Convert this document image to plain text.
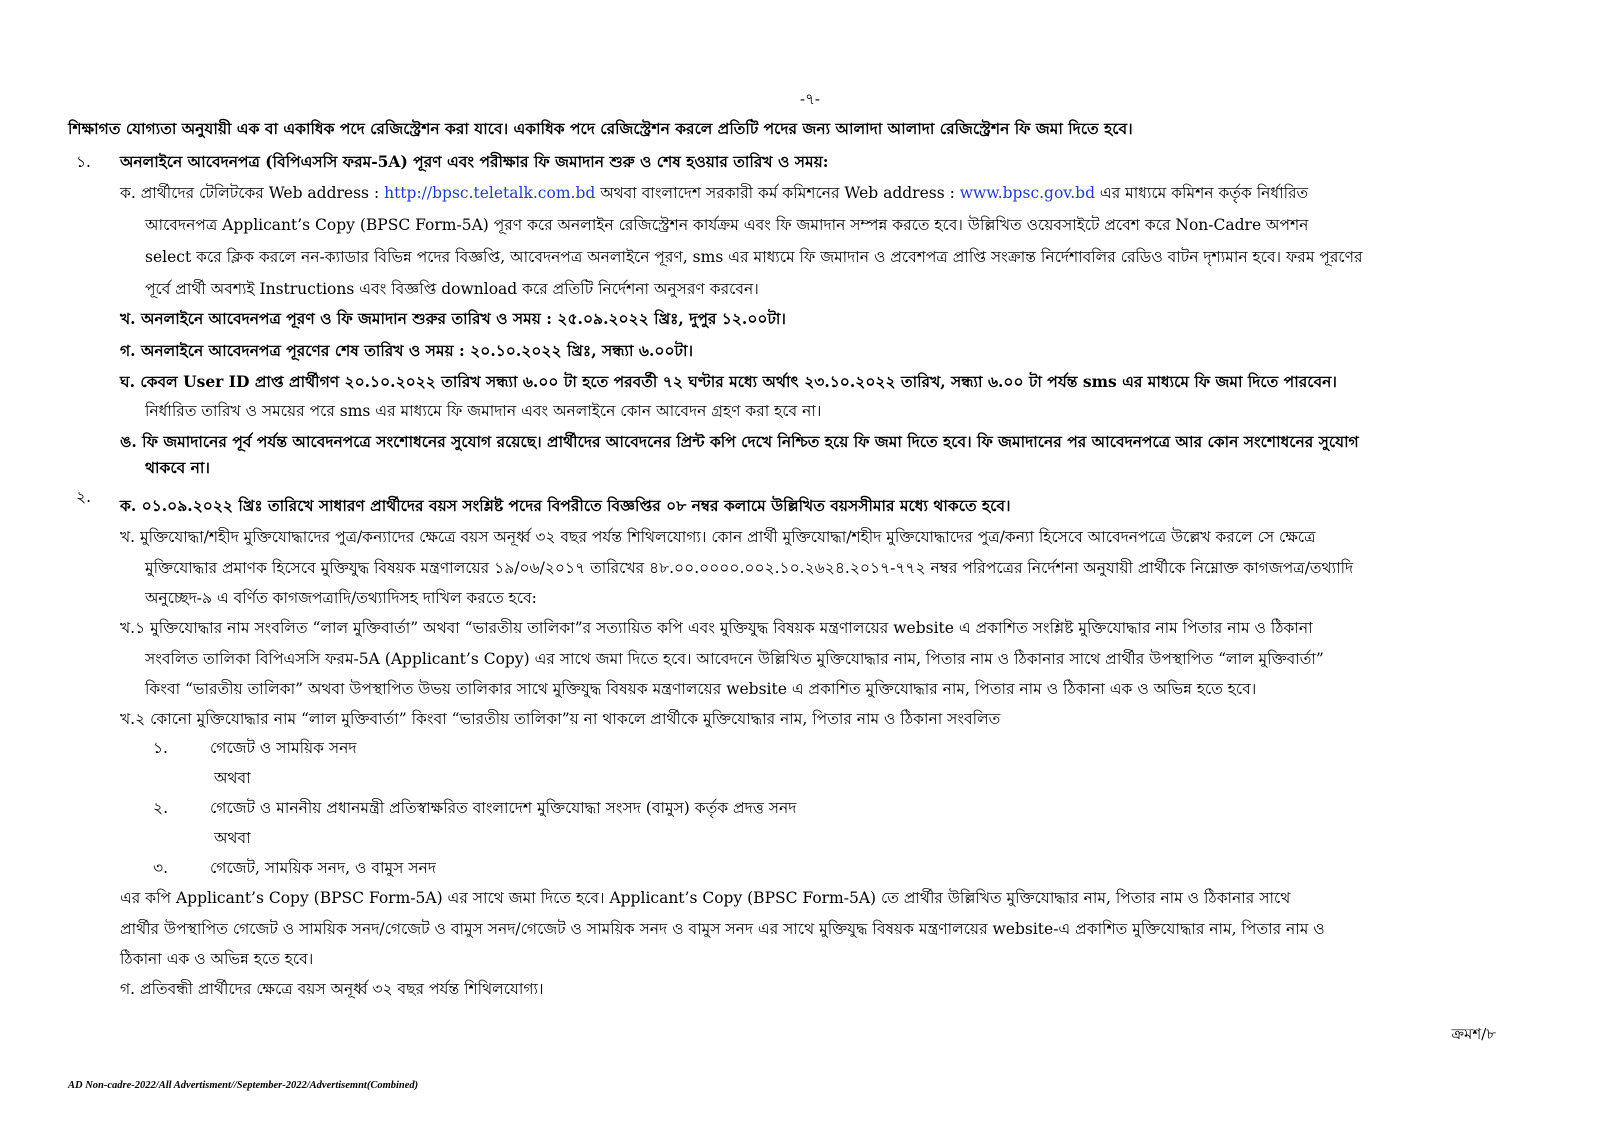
-৭-
শিক্ষাগত যোগ্যতা অনুযায়ী এক বা একাধিক পদে রেজিস্ট্রেশন করা যাবে। একাধিক পদে রেজিস্ট্রেশন করলে প্রতিটি পদের জন্য আলাদা আলাদা রেজিস্ট্রেশন ফি জমা দিতে হবে।
১. অনলাইনে আবেদনপত্র (বিপিএসসি ফরম-5A) পূরণ এবং পরীক্ষার ফি জমাদান শুরু ও শেষ হওয়ার তারিখ ও সময়:
ক. প্রার্থীদের টেলিটকের Web address : http://bpsc.teletalk.com.bd অথবা বাংলাদেশ সরকারী কর্ম কমিশনের Web address : www.bpsc.gov.bd এর মাধ্যমে কমিশন কর্তৃক নির্ধারিত
আবেদনপত্র Applicant’s Copy (BPSC Form-5A) পূরণ করে অনলাইন রেজিস্ট্রেশন কার্যক্রম এবং ফি জমাদান সম্পন্ন করতে হবে। উল্লিখিত ওয়েবসাইটে প্রবেশ করে Non-Cadre অপশন
select করে ক্লিক করলে নন-ক্যাডার বিভিন্ন পদের বিজ্ঞপ্তি, আবেদনপত্র অনলাইনে পূরণ, sms এর মাধ্যমে ফি জমাদান ও প্রবেশপত্র প্রাপ্তি সংক্রান্ত নির্দেশাবলির রেডিও বাটন দৃশ্যমান হবে। ফরম পূরণের
পূর্বে প্রার্থী অবশ্যই Instructions এবং বিজ্ঞপ্তি download করে প্রতিটি নির্দেশনা অনুসরণ করবেন।
খ. অনলাইনে আবেদনপত্র পূরণ ও ফি জমাদান শুরুর তারিখ ও সময় : ২৫.০৯.২০২২ খ্রিঃ, দুপুর ১২.০০টা।
গ. অনলাইনে আবেদনপত্র পূরণের শেষ তারিখ ও সময় : ২০.১০.২০২২ খ্রিঃ, সন্ধ্যা ৬.০০টা।
ঘ. কেবল User ID প্রাপ্ত প্রার্থীগণ ২০.১০.২০২২ তারিখ সন্ধ্যা ৬.০০ টা হতে পরবর্তী ৭২ ঘণ্টার মধ্যে অর্থাৎ ২৩.১০.২০২২ তারিখ, সন্ধ্যা ৬.০০ টা পর্যন্ত sms এর মাধ্যমে ফি জমা দিতে পারবেন।
নির্ধারিত তারিখ ও সময়ের পরে sms এর মাধ্যমে ফি জমাদান এবং অনলাইনে কোন আবেদন গ্রহণ করা হবে না।
ঙ. ফি জমাদানের পূর্ব পর্যন্ত আবেদনপত্রে সংশোধনের সুযোগ রয়েছে। প্রার্থীদের আবেদনের প্রিন্ট কপি দেখে নিশ্চিত হয়ে ফি জমা দিতে হবে। ফি জমাদানের পর আবেদনপত্রে আর কোন সংশোধনের সুযোগ
থাকবে না।
২. ক. ০১.০৯.২০২২ খ্রিঃ তারিখে সাধারণ প্রার্থীদের বয়স সংশ্লিষ্ট পদের বিপরীতে বিজ্ঞপ্তির ০৮ নম্বর কলামে উল্লিখিত বয়সসীমার মধ্যে থাকতে হবে।
খ. মুক্তিযোদ্ধা/শহীদ মুক্তিযোদ্ধাদের পুত্র/কন্যাদের ক্ষেত্রে বয়স অনূর্ধ্ব ৩২ বছর পর্যন্ত শিথিলযোগ্য। কোন প্রার্থী মুক্তিযোদ্ধা/শহীদ মুক্তিযোদ্ধাদের পুত্র/কন্যা হিসেবে আবেদনপত্রে উল্লেখ করলে সে ক্ষেত্রে
মুক্তিযোদ্ধার প্রমাণক হিসেবে মুক্তিযুদ্ধ বিষয়ক মন্ত্রণালয়ের ১৯/০৬/২০১৭ তারিখের ৪৮.০০.০০০০.০০২.১০.২৬২৪.২০১৭-৭৭২ নম্বর পরিপত্রের নির্দেশনা অনুযায়ী প্রার্থীকে নিম্নোক্ত কাগজপত্র/তথ্যাদি
অনুচ্ছেদ-৯ এ বর্ণিত কাগজপত্রাদি/তথ্যাদিসহ দাখিল করতে হবে:
খ.১ মুক্তিযোদ্ধার নাম সংবলিত “লাল মুক্তিবার্তা” অথবা “ভারতীয় তালিকা”র সত্যায়িত কপি এবং মুক্তিযুদ্ধ বিষয়ক মন্ত্রণালয়ের website এ প্রকাশিত সংশ্লিষ্ট মুক্তিযোদ্ধার নাম পিতার নাম ও ঠিকানা
সংবলিত তালিকা বিপিএসসি ফরম-5A (Applicant’s Copy) এর সাথে জমা দিতে হবে। আবেদনে উল্লিখিত মুক্তিযোদ্ধার নাম, পিতার নাম ও ঠিকানার সাথে প্রার্থীর উপস্থাপিত “লাল মুক্তিবার্তা”
কিংবা “ভারতীয় তালিকা” অথবা উপস্থাপিত উভয় তালিকার সাথে মুক্তিযুদ্ধ বিষয়ক মন্ত্রণালয়ের website এ প্রকাশিত মুক্তিযোদ্ধার নাম, পিতার নাম ও ঠিকানা এক ও অভিন্ন হতে হবে।
খ.২ কোনো মুক্তিযোদ্ধার নাম “লাল মুক্তিবার্তা” কিংবা “ভারতীয় তালিকা”য় না থাকলে প্রার্থীকে মুক্তিযোদ্ধার নাম, পিতার নাম ও ঠিকানা সংবলিত
১.	গেজেট ও সাময়িক সনদ
অথবা
২.	গেজেট ও মাননীয় প্রধানমন্ত্রী প্রতিস্বাক্ষরিত বাংলাদেশ মুক্তিযোদ্ধা সংসদ (বামুস) কর্তৃক প্রদত্ত সনদ
অথবা
৩.	গেজেট, সাময়িক সনদ, ও বামুস সনদ
এর কপি Applicant’s Copy (BPSC Form-5A) এর সাথে জমা দিতে হবে। Applicant’s Copy (BPSC Form-5A) তে প্রার্থীর উল্লিখিত মুক্তিযোদ্ধার নাম, পিতার নাম ও ঠিকানার সাথে
প্রার্থীর উপস্থাপিত গেজেট ও সাময়িক সনদ/গেজেট ও বামুস সনদ/গেজেট ও সাময়িক সনদ ও বামুস সনদ এর সাথে মুক্তিযুদ্ধ বিষয়ক মন্ত্রণালয়ের website-এ প্রকাশিত মুক্তিযোদ্ধার নাম, পিতার নাম ও
ঠিকানা এক ও অভিন্ন হতে হবে।
গ. প্রতিবন্ধী প্রার্থীদের ক্ষেত্রে বয়স অনূর্ধ্ব ৩২ বছর পর্যন্ত শিথিলযোগ্য।
ক্রমশ/৮
AD Non-cadre-2022/All Advertisment//September-2022/Advertisemnt(Combined)
